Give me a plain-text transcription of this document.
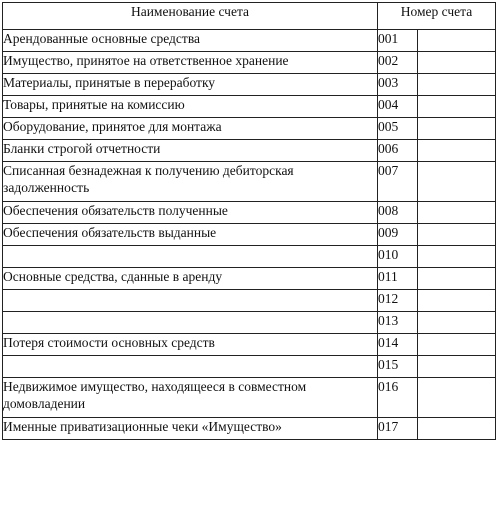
Наименование счета	Номер счета	
Арендованные основные средства	001	
Имущество, принятое на ответственное хранение	002	
Материалы, принятые в переработку	003	
Товары, принятые на комиссию	004	
Оборудование, принятое для монтажа	005	
Бланки строгой отчетности	006	
Списанная безнадежная к получению дебиторская задолженность	007	
Обеспечения обязательств полученные	008	
Обеспечения обязательств выданные	009	
	010	
Основные средства, сданные в аренду	011	
	012	
	013	
Потеря стоимости основных средств	014	
	015	
Недвижимое имущество, находящееся в совместном домовладении	016	
Именные приватизационные чеки «Имущество»	017	
